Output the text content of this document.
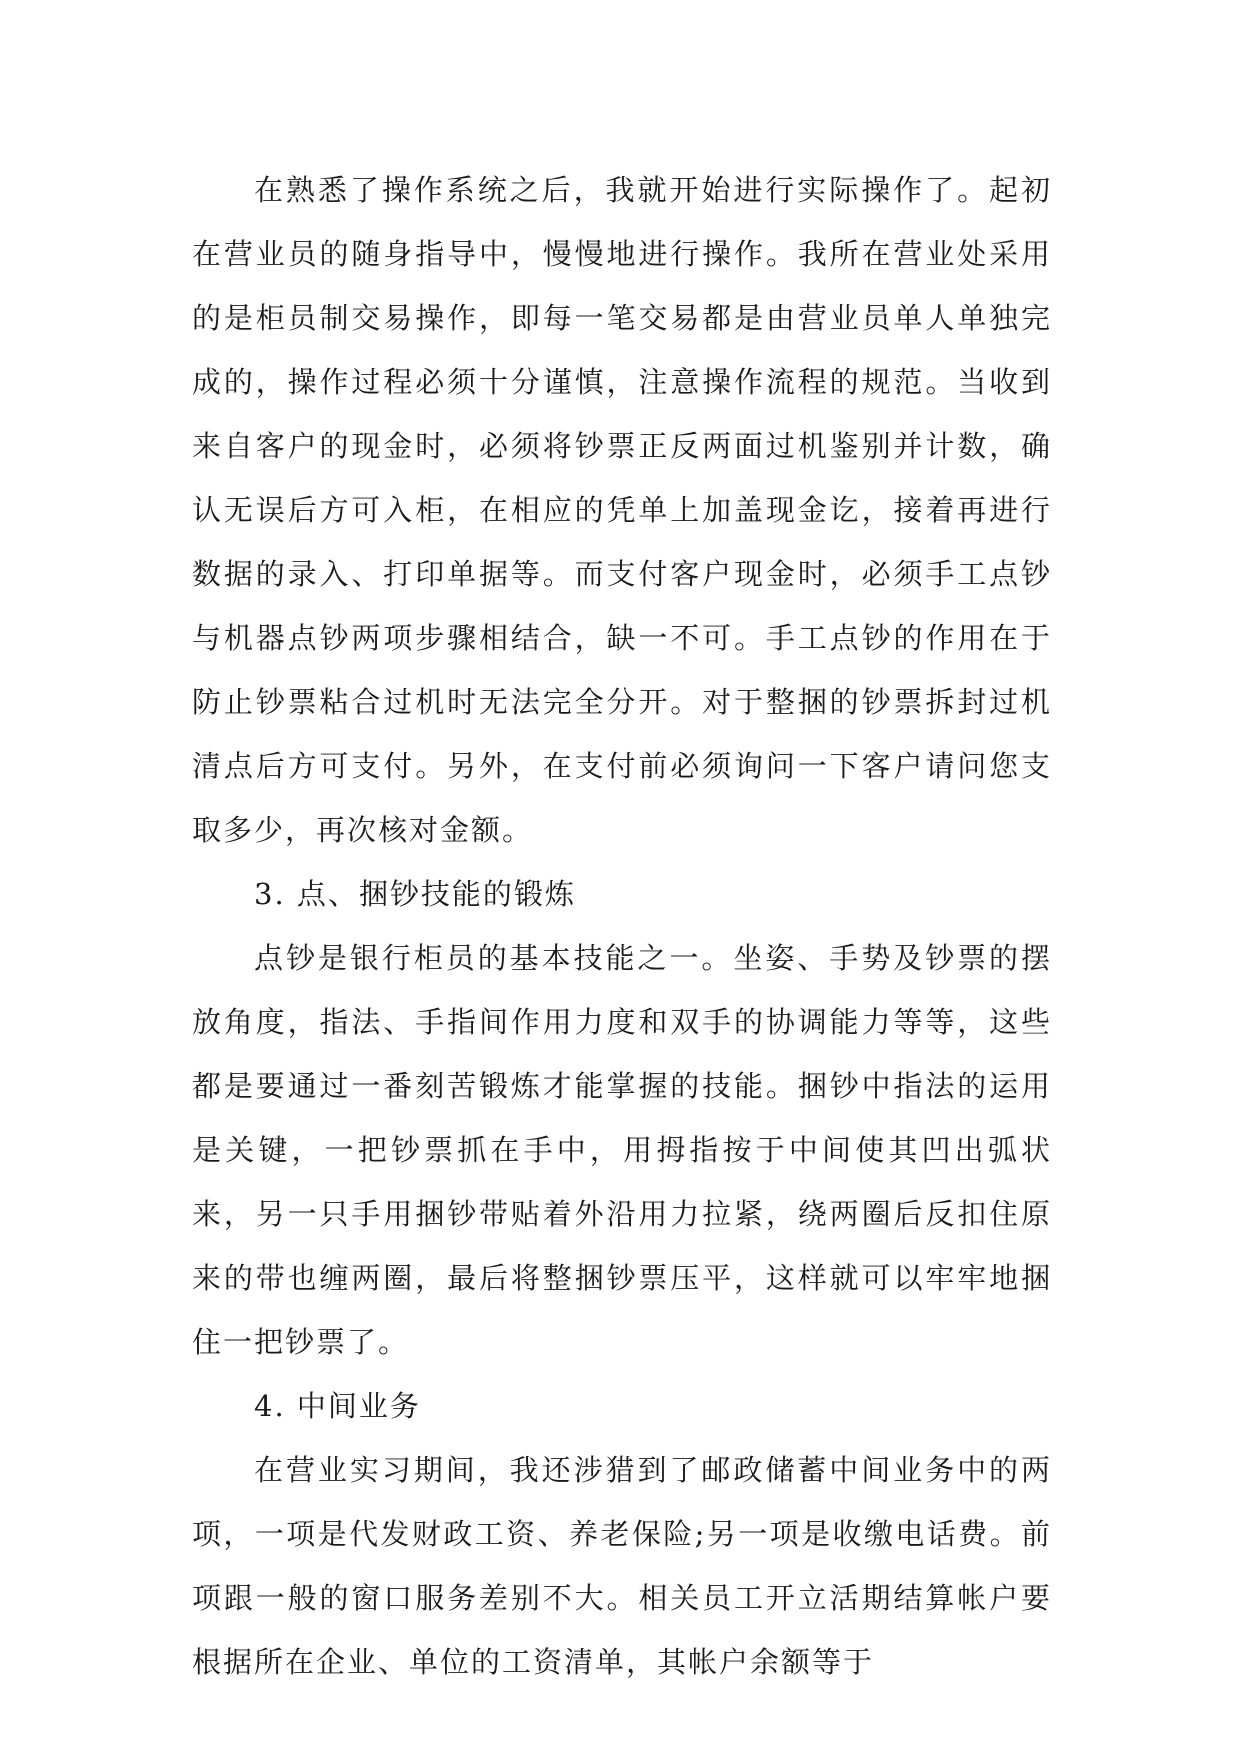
在熟悉了操作系统之后，我就开始进行实际操作了。起初在营业员的随身指导中，慢慢地进行操作。我所在营业处采用的是柜员制交易操作，即每一笔交易都是由营业员单人单独完成的，操作过程必须十分谨慎，注意操作流程的规范。当收到来自客户的现金时，必须将钞票正反两面过机鉴别并计数，确认无误后方可入柜，在相应的凭单上加盖现金讫，接着再进行数据的录入、打印单据等。而支付客户现金时，必须手工点钞与机器点钞两项步骤相结合，缺一不可。手工点钞的作用在于防止钞票粘合过机时无法完全分开。对于整捆的钞票拆封过机清点后方可支付。另外，在支付前必须询问一下客户请问您支取多少，再次核对金额。

3. 点、捆钞技能的锻炼

点钞是银行柜员的基本技能之一。坐姿、手势及钞票的摆放角度，指法、手指间作用力度和双手的协调能力等等，这些都是要通过一番刻苦锻炼才能掌握的技能。捆钞中指法的运用是关键，一把钞票抓在手中，用拇指按于中间使其凹出弧状来，另一只手用捆钞带贴着外沿用力拉紧，绕两圈后反扣住原来的带也缠两圈，最后将整捆钞票压平，这样就可以牢牢地捆住一把钞票了。

4. 中间业务

在营业实习期间，我还涉猎到了邮政储蓄中间业务中的两项，一项是代发财政工资、养老保险;另一项是收缴电话费。前项跟一般的窗口服务差别不大。相关员工开立活期结算帐户要根据所在企业、单位的工资清单，其帐户余额等于
